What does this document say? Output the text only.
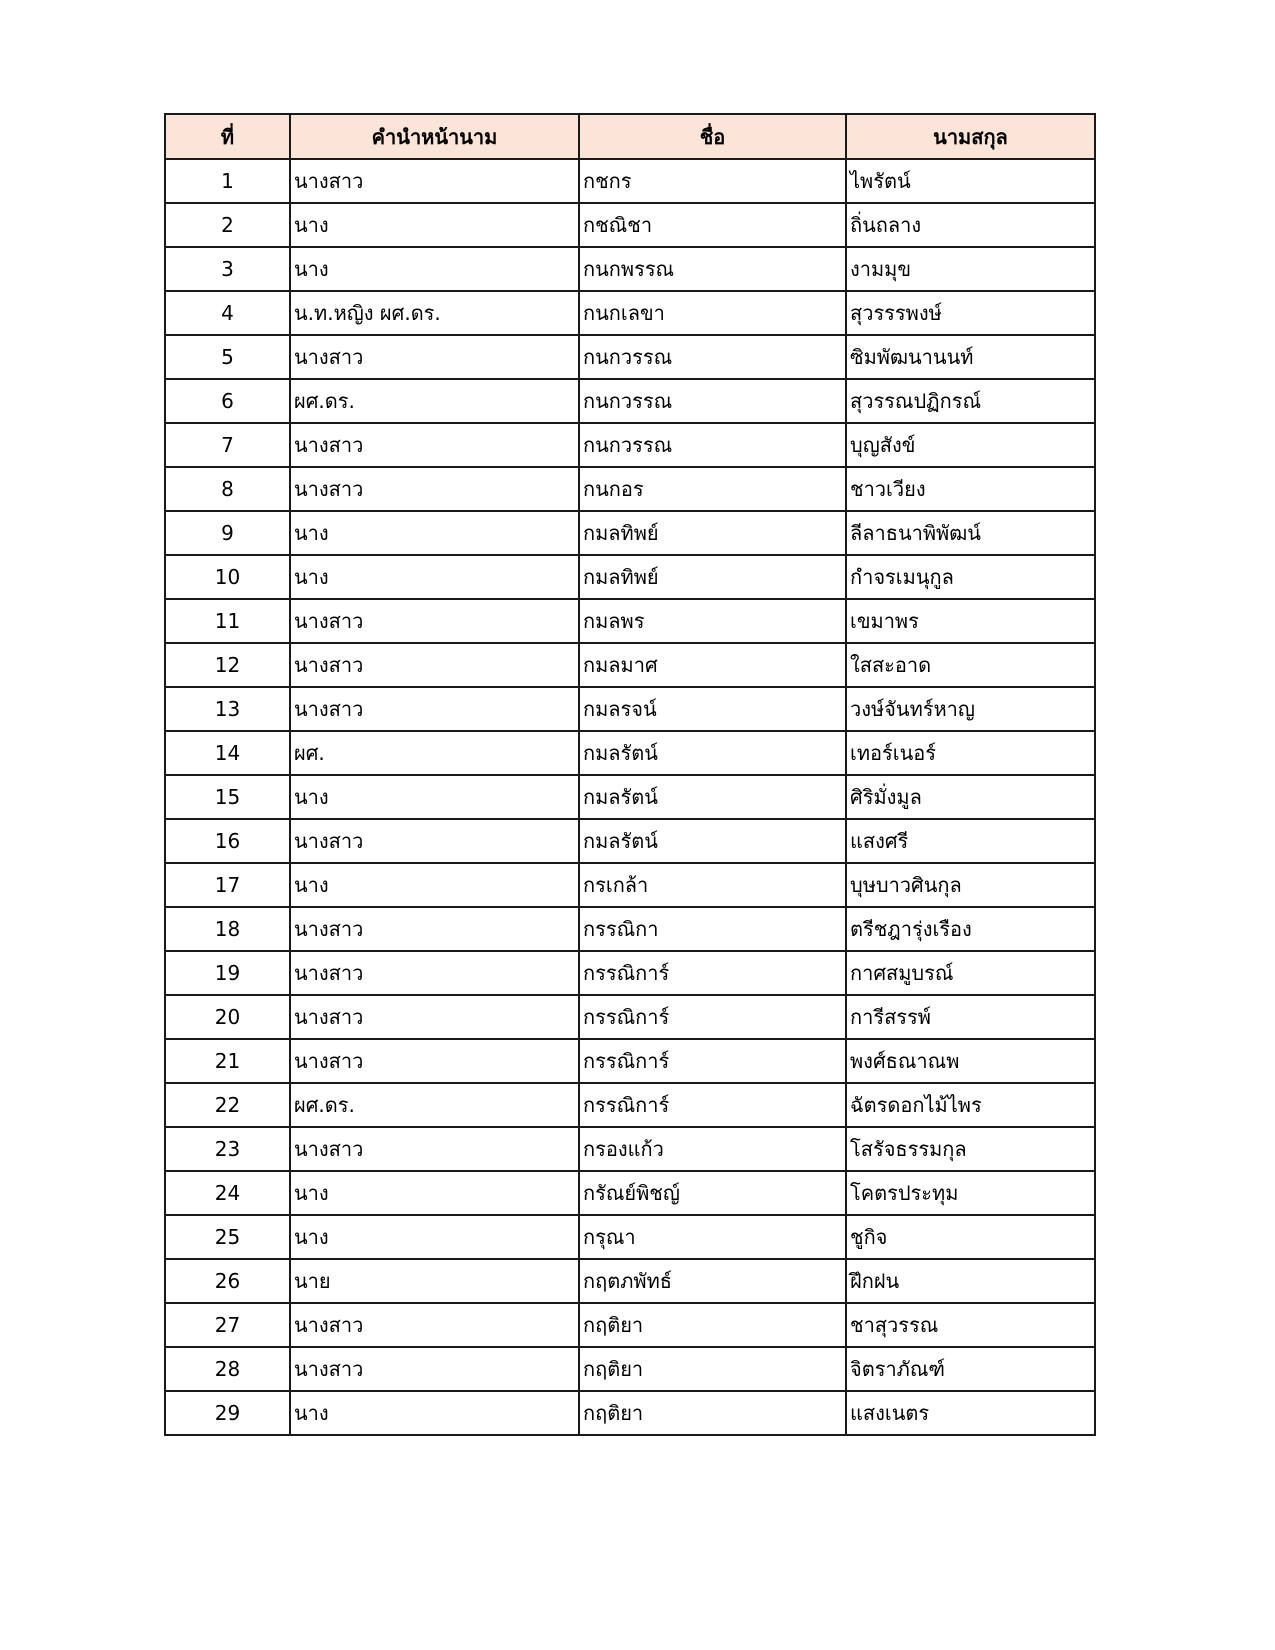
ที่	คำนำหน้านาม	ชื่อ	นามสกุล
1	นางสาว	กชกร	ไพรัตน์
2	นาง	กชณิชา	ถิ่นถลาง
3	นาง	กนกพรรณ	งามมุข
4	น.ท.หญิง ผศ.ดร.	กนกเลขา	สุวรรรพงษ์
5	นางสาว	กนกวรรณ	ซิมพัฒนานนท์
6	ผศ.ดร.	กนกวรรณ	สุวรรณปฏิกรณ์
7	นางสาว	กนกวรรณ	บุญสังข์
8	นางสาว	กนกอร	ชาวเวียง
9	นาง	กมลทิพย์	ลีลาธนาพิพัฒน์
10	นาง	กมลทิพย์	กำจรเมนุกูล
11	นางสาว	กมลพร	เขมาพร
12	นางสาว	กมลมาศ	ใสสะอาด
13	นางสาว	กมลรจน์	วงษ์จันทร์หาญ
14	ผศ.	กมลรัตน์	เทอร์เนอร์
15	นาง	กมลรัตน์	ศิริมั่งมูล
16	นางสาว	กมลรัตน์	แสงศรี
17	นาง	กรเกล้า	บุษบาวศินกุล
18	นางสาว	กรรณิกา	ตรีชฎารุ่งเรือง
19	นางสาว	กรรณิการ์	กาศสมูบรณ์
20	นางสาว	กรรณิการ์	การีสรรพ์
21	นางสาว	กรรณิการ์	พงศ์ธณาณพ
22	ผศ.ดร.	กรรณิการ์	ฉัตรดอกไม้ไพร
23	นางสาว	กรองแก้ว	โสรัจธรรมกุล
24	นาง	กรัณย์พิชญ์	โคตรประทุม
25	นาง	กรุณา	ชูกิจ
26	นาย	กฤตภพัทธ์	ฝึกฝน
27	นางสาว	กฤติยา	ชาสุวรรณ
28	นางสาว	กฤติยา	จิตราภัณฑ์
29	นาง	กฤติยา	แสงเนตร
